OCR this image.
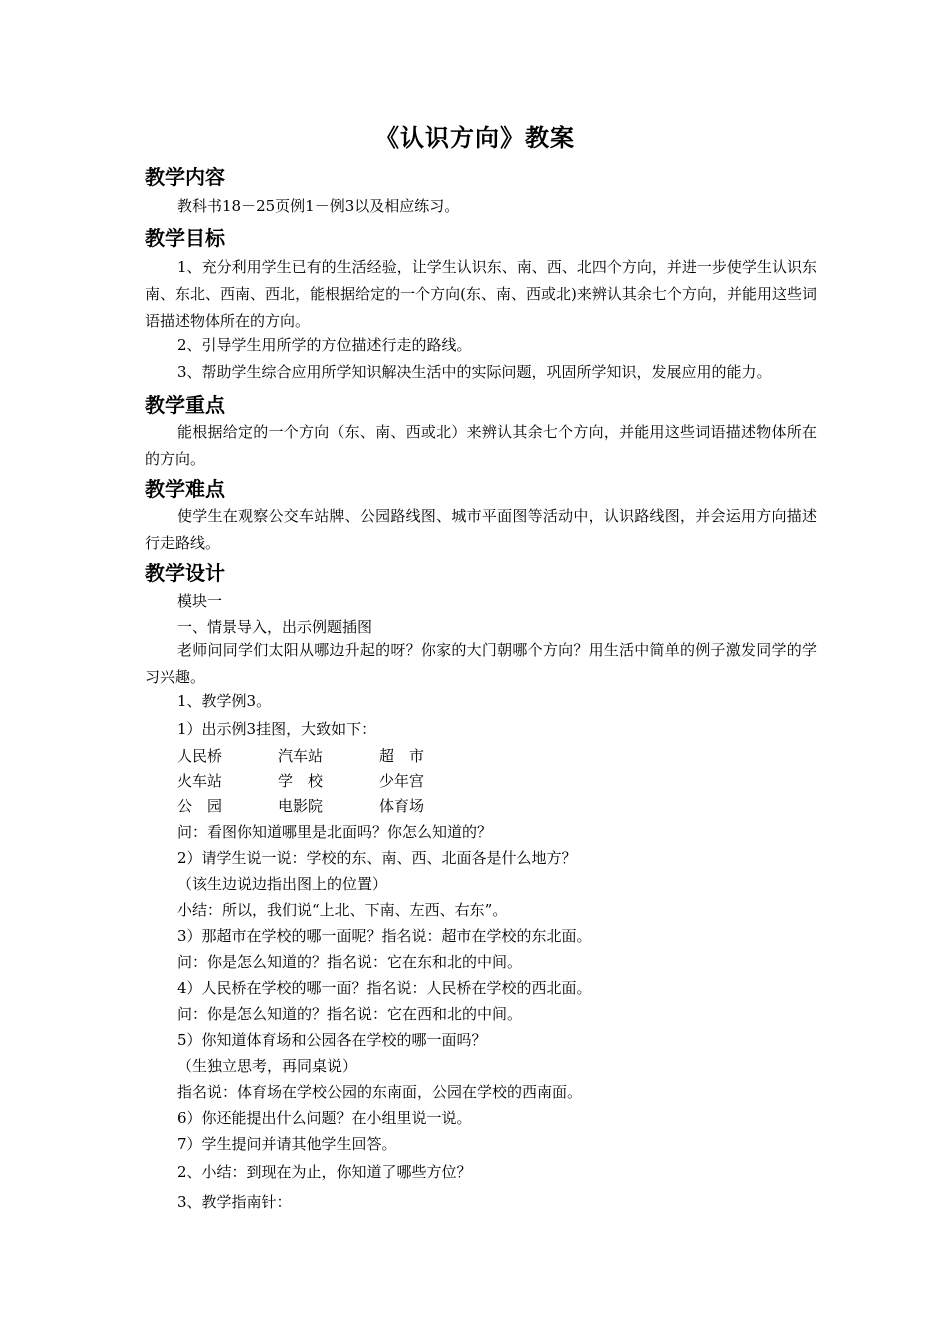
《认识方向》教案
教学内容
教科书18－25页例1－例3以及相应练习。
教学目标
1、充分利用学生已有的生活经验，让学生认识东、南、西、北四个方向，并进一步使学生认识东南、东北、西南、西北，能根据给定的一个方向(东、南、西或北)来辨认其余七个方向，并能用这些词语描述物体所在的方向。
2、引导学生用所学的方位描述行走的路线。
3、帮助学生综合应用所学知识解决生活中的实际问题，巩固所学知识，发展应用的能力。
教学重点
能根据给定的一个方向（东、南、西或北）来辨认其余七个方向，并能用这些词语描述物体所在的方向。
教学难点
使学生在观察公交车站牌、公园路线图、城市平面图等活动中，认识路线图，并会运用方向描述行走路线。
教学设计
模块一
一、情景导入，出示例题插图
老师问同学们太阳从哪边升起的呀？你家的大门朝哪个方向？用生活中简单的例子激发同学的学习兴趣。
1、教学例3。
1）出示例3挂图，大致如下：
人民桥	汽车站	超　市
火车站	学　校	少年宫
公　园	电影院	体育场
问：看图你知道哪里是北面吗？你怎么知道的？
2）请学生说一说：学校的东、南、西、北面各是什么地方？
（该生边说边指出图上的位置）
小结：所以，我们说“上北、下南、左西、右东”。
3）那超市在学校的哪一面呢？指名说：超市在学校的东北面。
问：你是怎么知道的？指名说：它在东和北的中间。
4）人民桥在学校的哪一面？指名说：人民桥在学校的西北面。
问：你是怎么知道的？指名说：它在西和北的中间。
5）你知道体育场和公园各在学校的哪一面吗？
（生独立思考，再同桌说）
指名说：体育场在学校公园的东南面，公园在学校的西南面。
6）你还能提出什么问题？在小组里说一说。
7）学生提问并请其他学生回答。
2、小结：到现在为止，你知道了哪些方位？
3、教学指南针：
